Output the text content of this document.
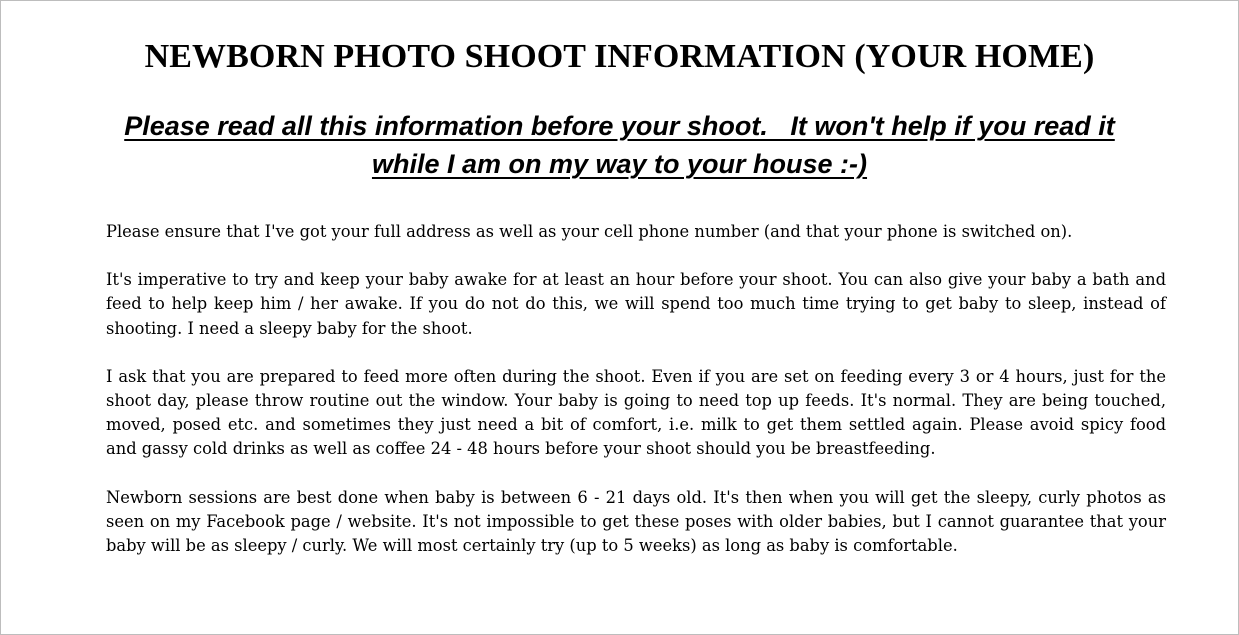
NEWBORN PHOTO SHOOT INFORMATION (YOUR HOME)
Please read all this information before your shoot.   It won't help if you read it
while I am on my way to your house :-)

Please ensure that I've got your full address as well as your cell phone number (and that your phone is switched on).

It's imperative to try and keep your baby awake for at least an hour before your shoot. You can also give your baby a bath and feed to help keep him / her awake. If you do not do this, we will spend too much time trying to get baby to sleep, instead of shooting. I need a sleepy baby for the shoot.

I ask that you are prepared to feed more often during the shoot. Even if you are set on feeding every 3 or 4 hours, just for the shoot day, please throw routine out the window. Your baby is going to need top up feeds. It's normal. They are being touched, moved, posed etc. and sometimes they just need a bit of comfort, i.e. milk to get them settled again. Please avoid spicy food and gassy cold drinks as well as coffee 24 - 48 hours before your shoot should you be breastfeeding.

Newborn sessions are best done when baby is between 6 - 21 days old. It's then when you will get the sleepy, curly photos as seen on my Facebook page / website. It's not impossible to get these poses with older babies, but I cannot guarantee that your baby will be as sleepy / curly. We will most certainly try (up to 5 weeks) as long as baby is comfortable.
